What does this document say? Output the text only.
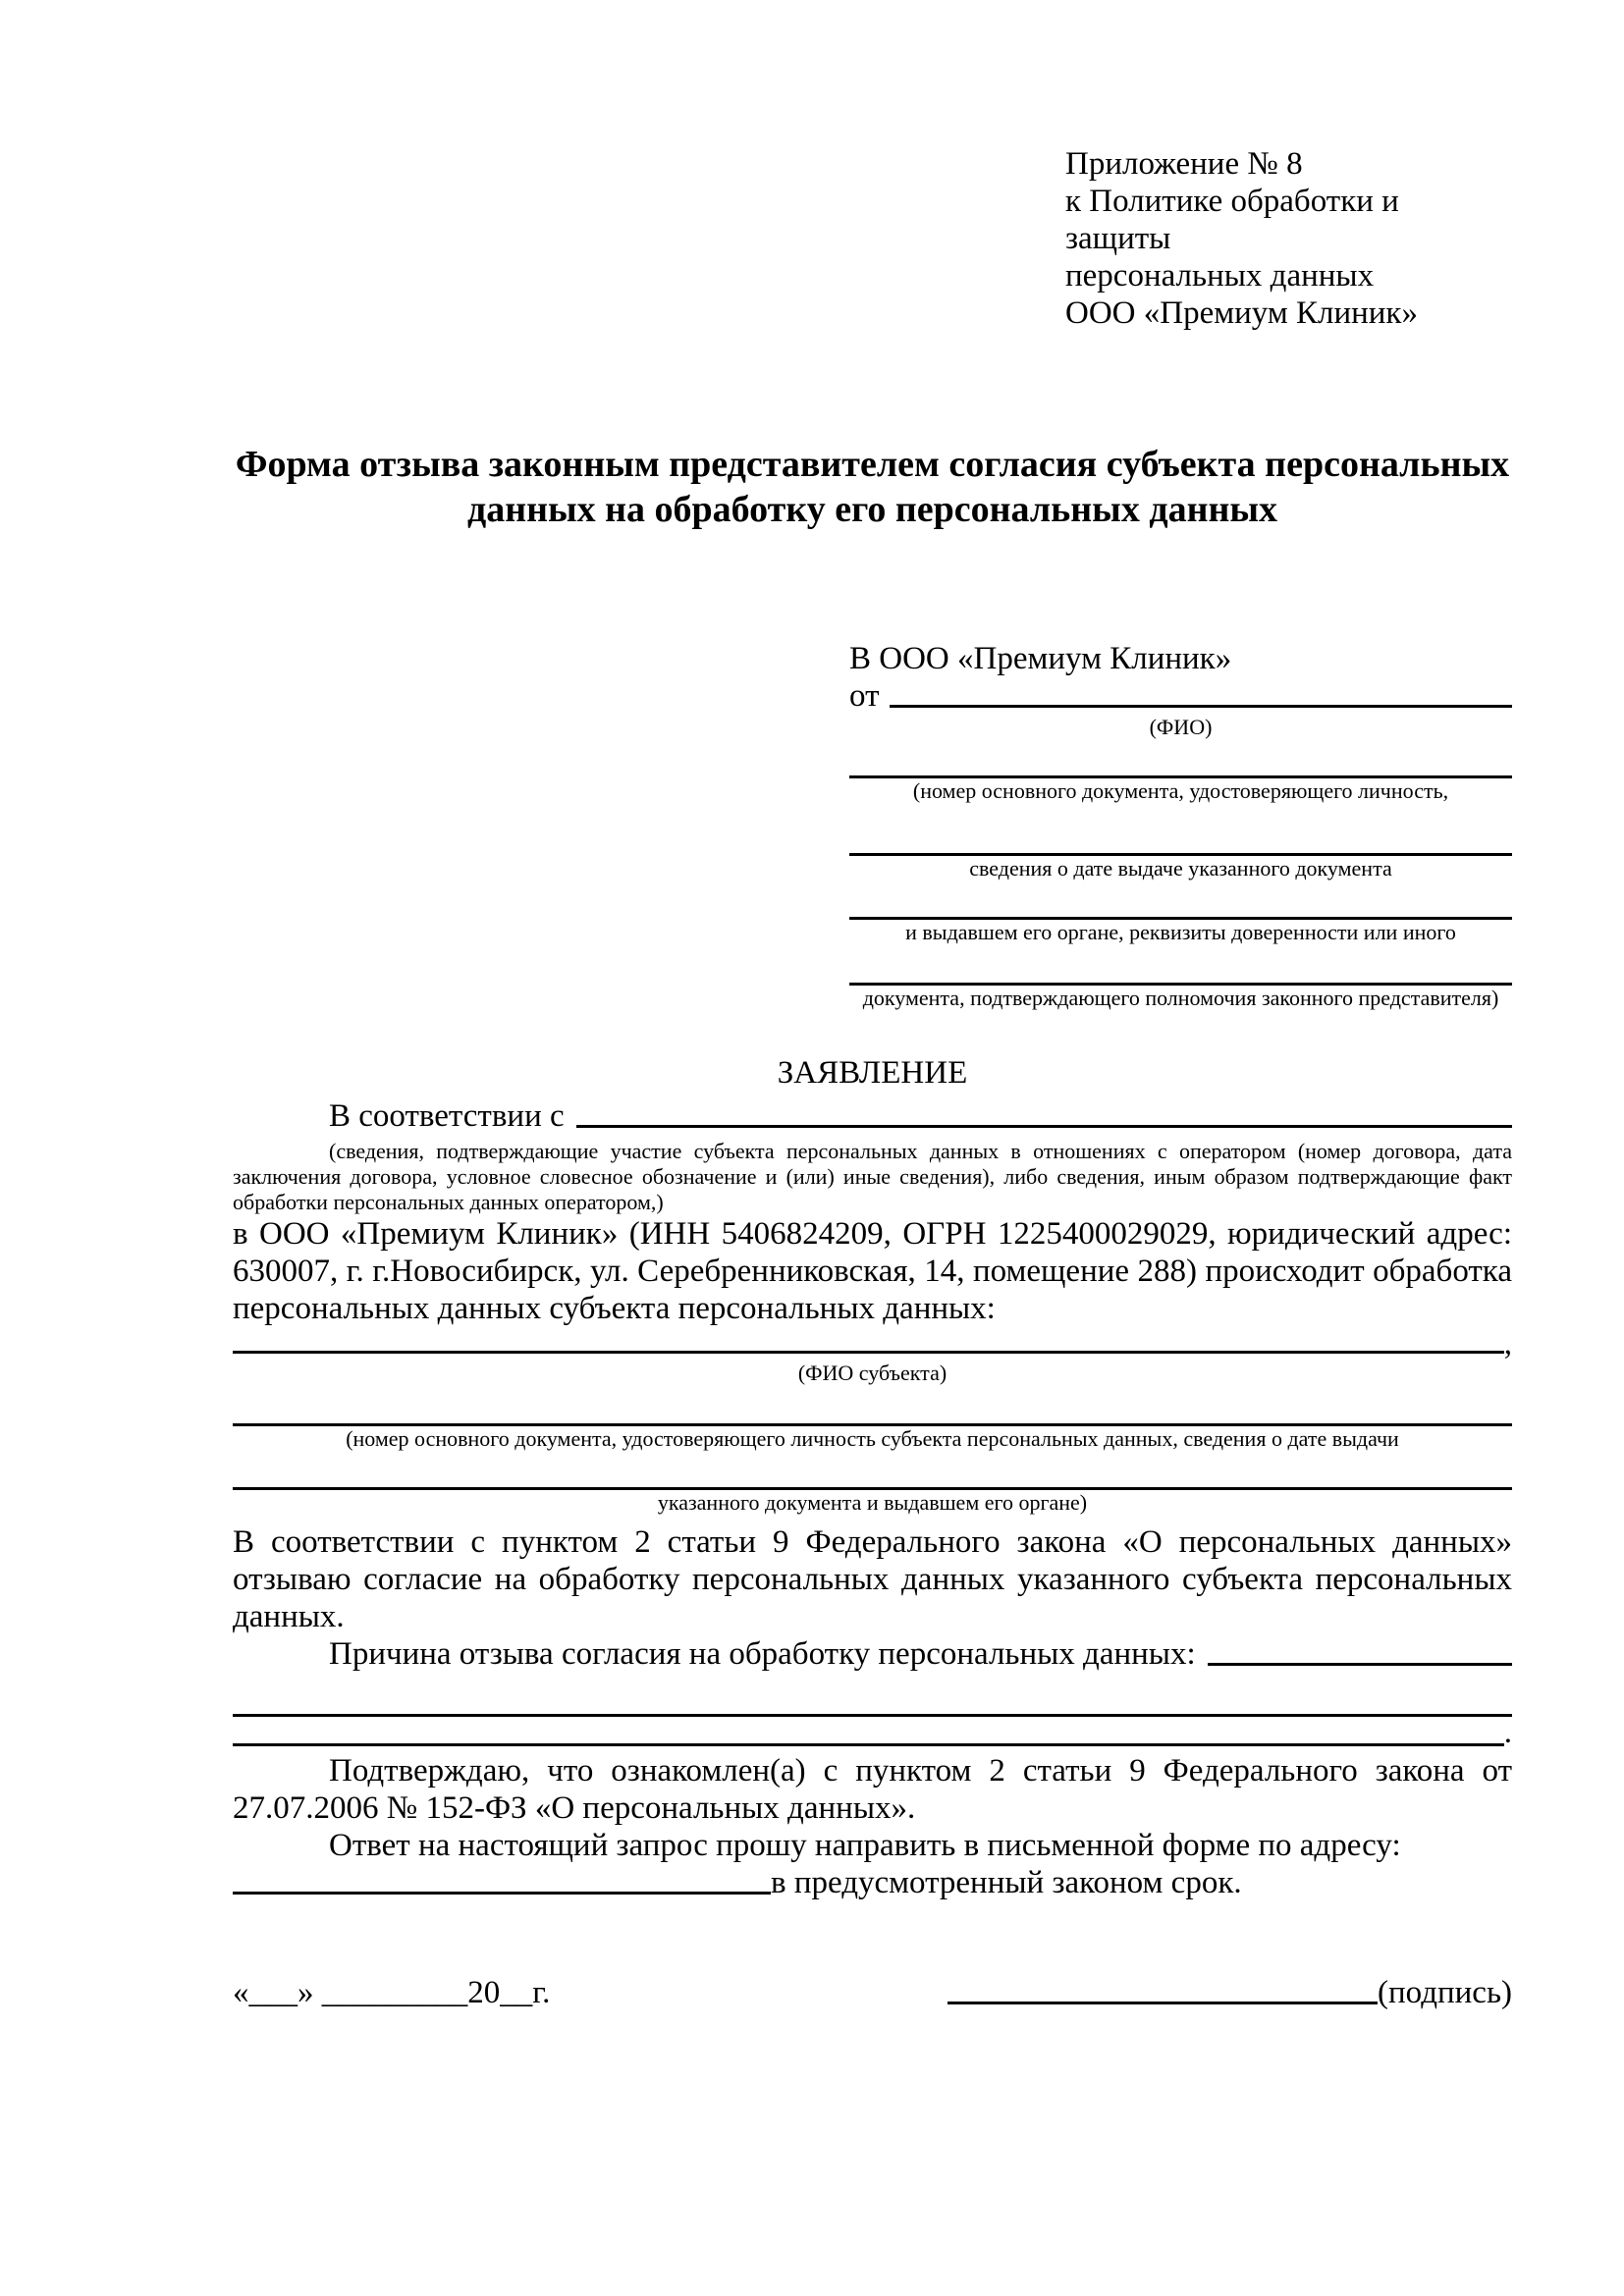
Приложение № 8
к Политике обработки и защиты
персональных данных
ООО «Премиум Клиник»
Форма отзыва законным представителем согласия субъекта персональных данных на обработку его персональных данных
В ООО «Премиум Клиник»
от
(ФИО)
(номер основного документа, удостоверяющего личность,
сведения о дате выдаче указанного документа
и выдавшем его органе, реквизиты доверенности или иного
документа, подтверждающего полномочия законного представителя)
ЗАЯВЛЕНИЕ
В соответствии с
(сведения, подтверждающие участие субъекта персональных данных в отношениях с оператором (номер договора, дата заключения договора, условное словесное обозначение и (или) иные сведения), либо сведения, иным образом подтверждающие факт обработки персональных данных оператором,)

в ООО «Премиум Клиник» (ИНН 5406824209, ОГРН 1225400029029, юридический адрес: 630007, г. г.Новосибирск, ул. Серебренниковская, 14, помещение 288) происходит обработка персональных данных субъекта персональных данных:

,
(ФИО субъекта)
(номер основного документа, удостоверяющего личность субъекта персональных данных, сведения о дате выдачи
указанного документа и выдавшем его органе)

В соответствии с пунктом 2 статьи 9 Федерального закона «О персональных данных» отзываю согласие на обработку персональных данных указанного субъекта персональных данных.

Причина отзыва согласия на обработку персональных данных:
.

Подтверждаю, что ознакомлен(а) с пунктом 2 статьи 9 Федерального закона от 27.07.2006 № 152-ФЗ «О персональных данных».

Ответ на настоящий запрос прошу направить в письменной форме по адресу:

в предусмотренный законом срок.
«___» _________20__г.	(подпись)
